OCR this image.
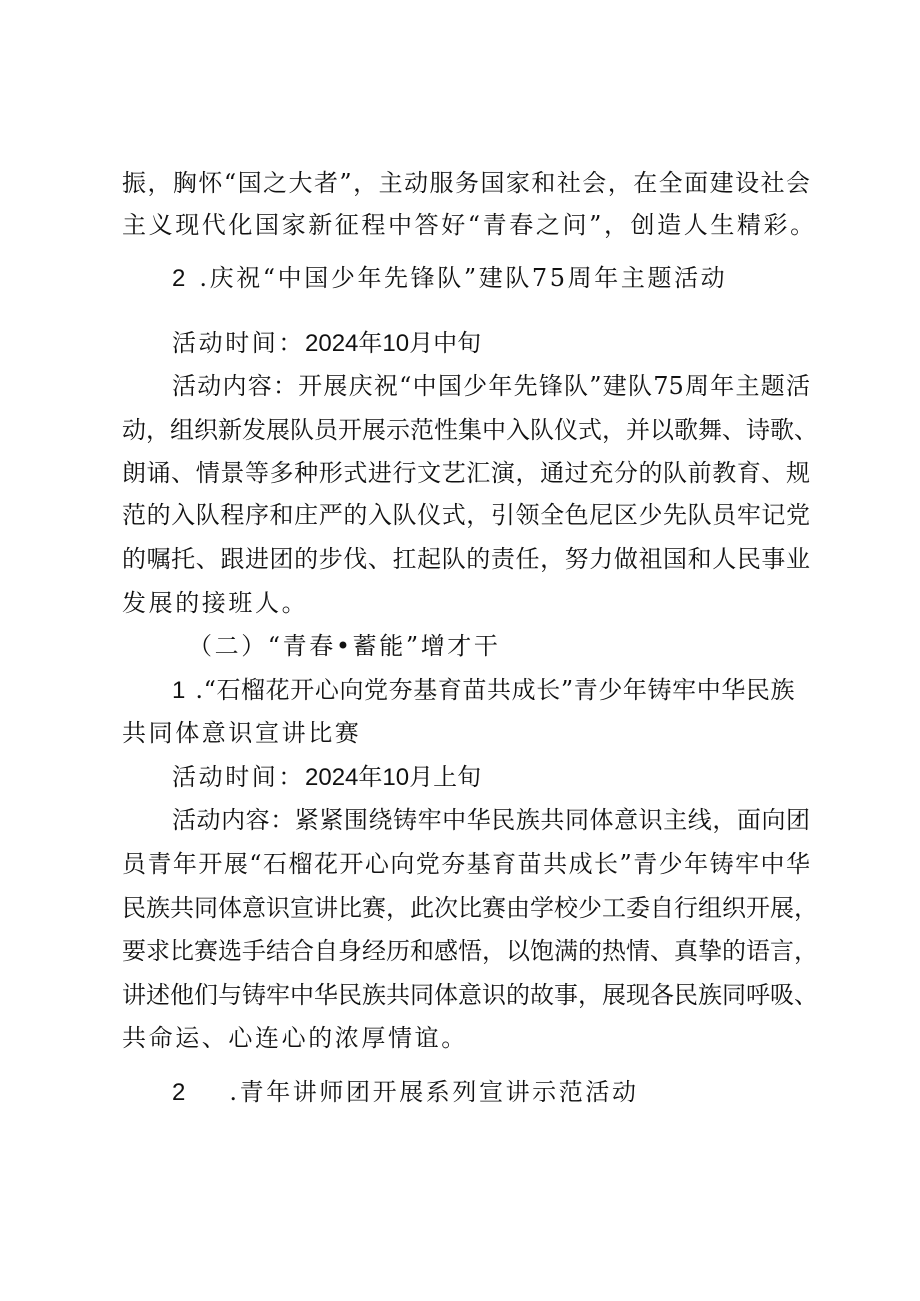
振，胸怀“国之大者”，主动服务国家和社会，在全面建设社会
主义现代化国家新征程中答好“青春之问”，创造人生精彩。
2 .庆祝“中国少年先锋队”建队75周年主题活动
活动时间：2024年10月中旬
活动内容：开展庆祝“中国少年先锋队”建队75周年主题活
动，组织新发展队员开展示范性集中入队仪式，并以歌舞、诗歌、
朗诵、情景等多种形式进行文艺汇演，通过充分的队前教育、规
范的入队程序和庄严的入队仪式，引领全色尼区少先队员牢记党
的嘱托、跟进团的步伐、扛起队的责任，努力做祖国和人民事业
发展的接班人。
（二）“青春•蓄能”增才干
1 .“石榴花开心向党夯基育苗共成长”青少年铸牢中华民族
共同体意识宣讲比赛
活动时间：2024年10月上旬
活动内容：紧紧围绕铸牢中华民族共同体意识主线，面向团
员青年开展“石榴花开心向党夯基育苗共成长”青少年铸牢中华
民族共同体意识宣讲比赛，此次比赛由学校少工委自行组织开展，
要求比赛选手结合自身经历和感悟，以饱满的热情、真挚的语言，
讲述他们与铸牢中华民族共同体意识的故事，展现各民族同呼吸、
共命运、心连心的浓厚情谊。
2 .青年讲师团开展系列宣讲示范活动
